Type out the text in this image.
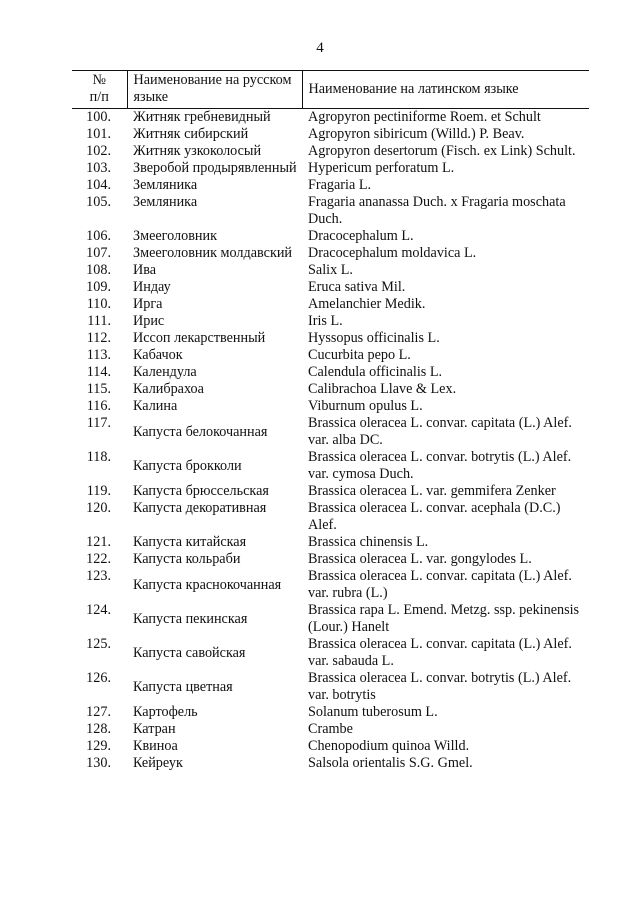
4
№
п/п	Наименование на русском языке	Наименование на латинском языке
100.	Житняк гребневидный	Agropyron pectiniforme Roem. et Schult
101.	Житняк сибирский	Agropyron sibiricum (Willd.) P. Beav.
102.	Житняк узкоколосый	Agropyron desertorum (Fisch. ex Link) Schult.
103.	Зверобой продырявленный	Hypericum perforatum L.
104.	Земляника	Fragaria L.
105.	Земляника	Fragaria ananassa Duch. x Fragaria moschata Duch.
106.	Змееголовник	Dracocephalum L.
107.	Змееголовник молдавский	Dracocephalum moldavica L.
108.	Ива	Salix L.
109.	Индау	Eruca sativa Mil.
110.	Ирга	Amelanchier Medik.
111.	Ирис	Iris L.
112.	Иссоп лекарственный	Hyssopus officinalis L.
113.	Кабачок	Cucurbita pepo L.
114.	Календула	Calendula officinalis L.
115.	Калибрахоа	Calibrachoa Llave & Lex.
116.	Калина	Viburnum opulus L.
117.	Капуста белокочанная	Brassica oleracea L. convar. capitata (L.) Alef. var. alba DC.
118.	Капуста брокколи	Brassica oleracea L. convar. botrytis (L.) Alef. var. cymosa Duch.
119.	Капуста брюссельская	Brassica oleracea L. var. gemmifera Zenker
120.	Капуста декоративная	Brassica oleracea L. convar. acephala (D.C.) Alef.
121.	Капуста китайская	Brassica chinensis L.
122.	Капуста кольраби	Brassica oleracea L. var. gongylodes L.
123.	Капуста краснокочанная	Brassica oleracea L. convar. capitata (L.) Alef. var. rubra (L.)
124.	Капуста пекинская	Brassica rapa L. Emend. Metzg. ssp. pekinensis (Lour.) Hanelt
125.	Капуста савойская	Brassica oleracea L. convar. capitata (L.) Alef. var. sabauda L.
126.	Капуста цветная	Brassica oleracea L. convar. botrytis (L.) Alef. var. botrytis
127.	Картофель	Solanum tuberosum L.
128.	Катран	Crambe
129.	Квиноа	Chenopodium quinoa Willd.
130.	Кейреук	Salsola orientalis S.G. Gmel.
